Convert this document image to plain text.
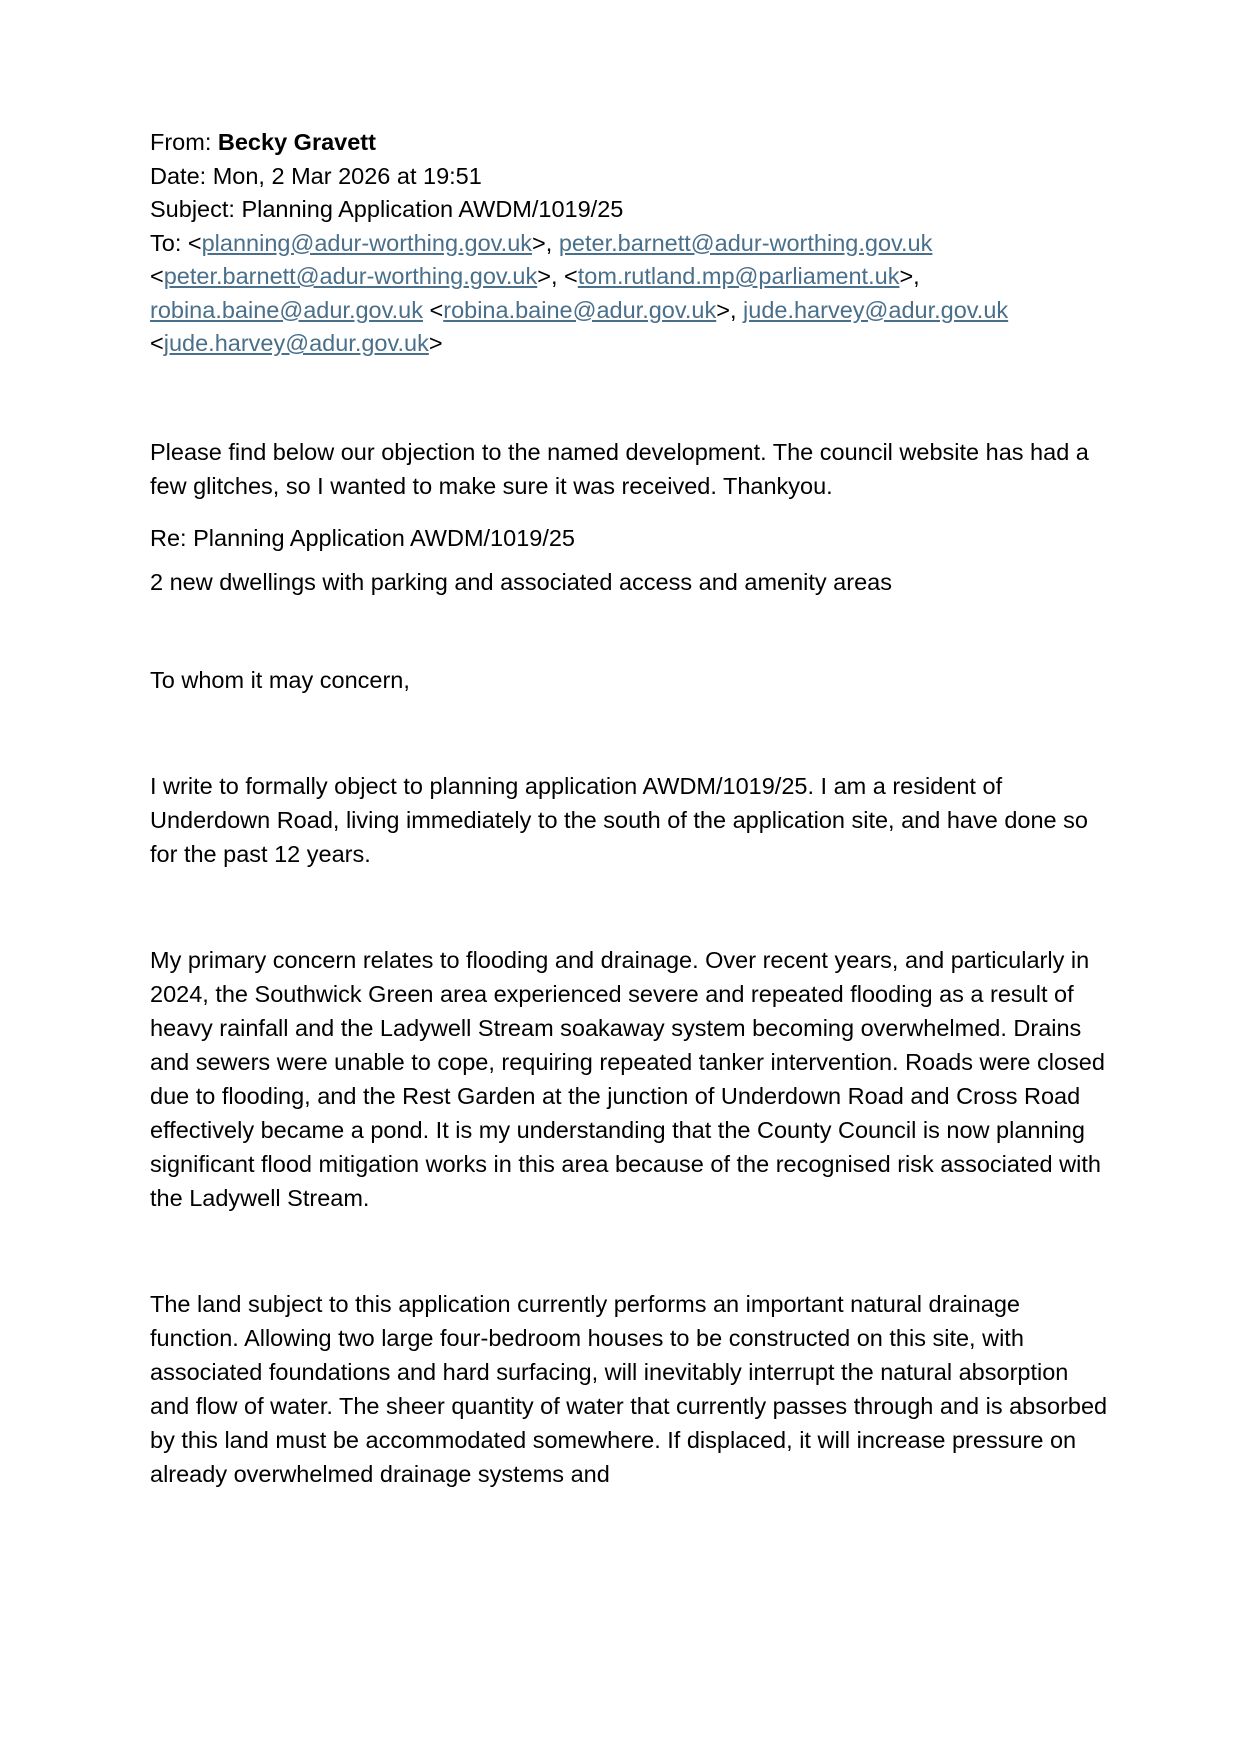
From: Becky Gravett
Date: Mon, 2 Mar 2026 at 19:51
Subject: Planning Application AWDM/1019/25
To: <planning@adur-worthing.gov.uk>, peter.barnett@adur-worthing.gov.uk <peter.barnett@adur-worthing.gov.uk>, <tom.rutland.mp@parliament.uk>, robina.baine@adur.gov.uk <robina.baine@adur.gov.uk>, jude.harvey@adur.gov.uk <jude.harvey@adur.gov.uk>

Please find below our objection to the named development. The council website has had a few glitches, so I wanted to make sure it was received. Thankyou.

Re: Planning Application AWDM/1019/25

2 new dwellings with parking and associated access and amenity areas

To whom it may concern,

I write to formally object to planning application AWDM/1019/25. I am a resident of Underdown Road, living immediately to the south of the application site, and have done so for the past 12 years.

My primary concern relates to flooding and drainage. Over recent years, and particularly in 2024, the Southwick Green area experienced severe and repeated flooding as a result of heavy rainfall and the Ladywell Stream soakaway system becoming overwhelmed. Drains and sewers were unable to cope, requiring repeated tanker intervention. Roads were closed due to flooding, and the Rest Garden at the junction of Underdown Road and Cross Road effectively became a pond. It is my understanding that the County Council is now planning significant flood mitigation works in this area because of the recognised risk associated with the Ladywell Stream.

The land subject to this application currently performs an important natural drainage function. Allowing two large four-bedroom houses to be constructed on this site, with associated foundations and hard surfacing, will inevitably interrupt the natural absorption and flow of water. The sheer quantity of water that currently passes through and is absorbed by this land must be accommodated somewhere. If displaced, it will increase pressure on already overwhelmed drainage systems and
